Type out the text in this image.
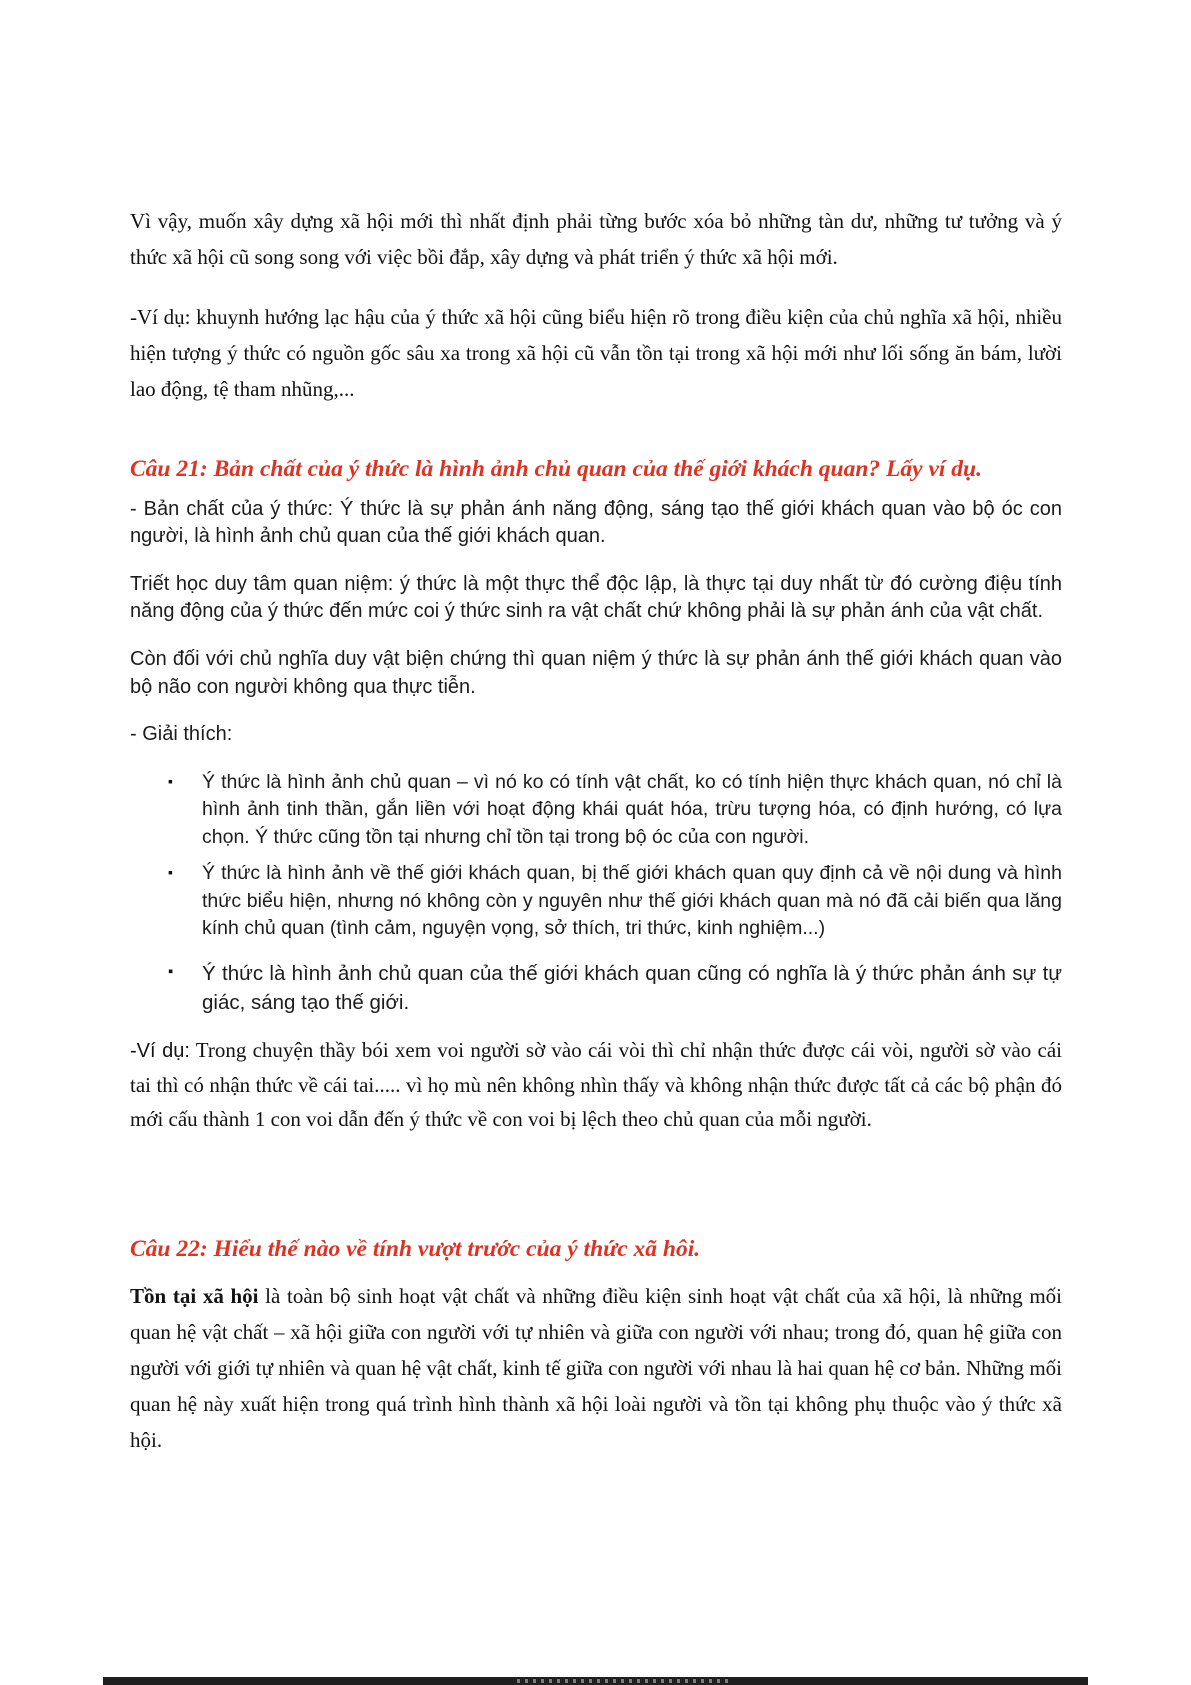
Vì vậy, muốn xây dựng xã hội mới thì nhất định phải từng bước xóa bỏ những tàn dư, những tư tưởng và ý thức xã hội cũ song song với việc bồi đắp, xây dựng và phát triển ý thức xã hội mới.

-Ví dụ: khuynh hướng lạc hậu của ý thức xã hội cũng biểu hiện rõ trong điều kiện của chủ nghĩa xã hội, nhiều hiện tượng ý thức có nguồn gốc sâu xa trong xã hội cũ vẫn tồn tại trong xã hội mới như lối sống ăn bám, lười lao động, tệ tham nhũng,...

Câu 21: Bản chất của ý thức là hình ảnh chủ quan của thế giới khách quan? Lấy ví dụ.

- Bản chất của ý thức: Ý thức là sự phản ánh năng động, sáng tạo thế giới khách quan vào bộ óc con người, là hình ảnh chủ quan của thế giới khách quan.

Triết học duy tâm quan niệm: ý thức là một thực thể độc lập, là thực tại duy nhất từ đó cường điệu tính năng động của ý thức đến mức coi ý thức sinh ra vật chất chứ không phải là sự phản ánh của vật chất.

Còn đối với chủ nghĩa duy vật biện chứng thì quan niệm ý thức là sự phản ánh thế giới khách quan vào bộ não con người không qua thực tiễn.

- Giải thích:

▪	Ý thức là hình ảnh chủ quan – vì nó ko có tính vật chất, ko có tính hiện thực khách quan, nó chỉ là hình ảnh tinh thần, gắn liền với hoạt động khái quát hóa, trừu tượng hóa, có định hướng, có lựa chọn. Ý thức cũng tồn tại nhưng chỉ tồn tại trong bộ óc của con người.
▪	Ý thức là hình ảnh về thế giới khách quan, bị thế giới khách quan quy định cả về nội dung và hình thức biểu hiện, nhưng nó không còn y nguyên như thế giới khách quan mà nó đã cải biến qua lăng kính chủ quan (tình cảm, nguyện vọng, sở thích, tri thức, kinh nghiệm...)
▪	Ý thức là hình ảnh chủ quan của thế giới khách quan cũng có nghĩa là ý thức phản ánh sự tự giác, sáng tạo thế giới.

-Ví dụ: Trong chuyện thầy bói xem voi người sờ vào cái vòi thì chỉ nhận thức được cái vòi, người sờ vào cái tai thì có nhận thức về cái tai..... vì họ mù nên không nhìn thấy và không nhận thức được tất cả các bộ phận đó mới cấu thành 1 con voi dẫn đến ý thức về con voi bị lệch theo chủ quan của mỗi người.

Câu 22: Hiểu thế nào về tính vượt trước của ý thức xã hôi.

Tồn tại xã hội là toàn bộ sinh hoạt vật chất và những điều kiện sinh hoạt vật chất của xã hội, là những mối quan hệ vật chất – xã hội giữa con người với tự nhiên và giữa con người với nhau; trong đó, quan hệ giữa con người với giới tự nhiên và quan hệ vật chất, kinh tế giữa con người với nhau là hai quan hệ cơ bản. Những mối quan hệ này xuất hiện trong quá trình hình thành xã hội loài người và tồn tại không phụ thuộc vào ý thức xã hội.
